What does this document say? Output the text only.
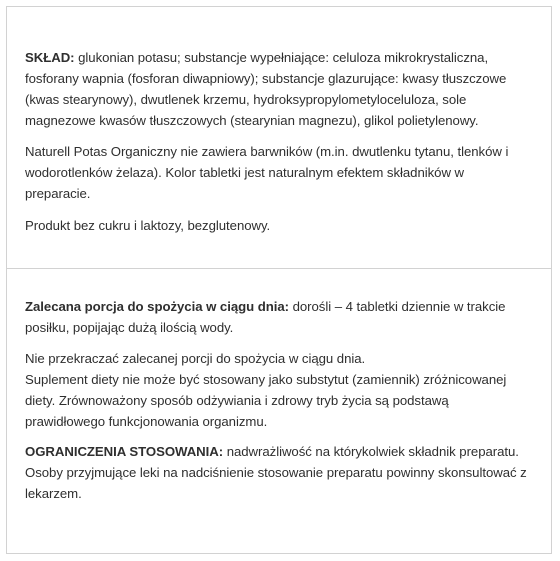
SKŁAD: glukonian potasu; substancje wypełniające: celuloza mikrokrystaliczna, fosforany wapnia (fosforan diwapniowy); substancje glazurujące: kwasy tłuszczowe (kwas stearynowy), dwutlenek krzemu, hydroksypropylometyloceluloza, sole magnezowe kwasów tłuszczowych (stearynian magnezu), glikol polietylenowy.

Naturell Potas Organiczny nie zawiera barwników (m.in. dwutlenku tytanu, tlenków i wodorotlenków żelaza). Kolor tabletki jest naturalnym efektem składników w preparacie.

Produkt bez cukru i laktozy, bezglutenowy.

Zalecana porcja do spożycia w ciągu dnia: dorośli – 4 tabletki dziennie w trakcie posiłku, popijając dużą ilością wody.

Nie przekraczać zalecanej porcji do spożycia w ciągu dnia.

Suplement diety nie może być stosowany jako substytut (zamiennik) zróżnicowanej diety. Zrównoważony sposób odżywiania i zdrowy tryb życia są podstawą prawidłowego funkcjonowania organizmu.

OGRANICZENIA STOSOWANIA: nadwrażliwość na którykolwiek składnik preparatu. Osoby przyjmujące leki na nadciśnienie stosowanie preparatu powinny skonsultować z lekarzem.
